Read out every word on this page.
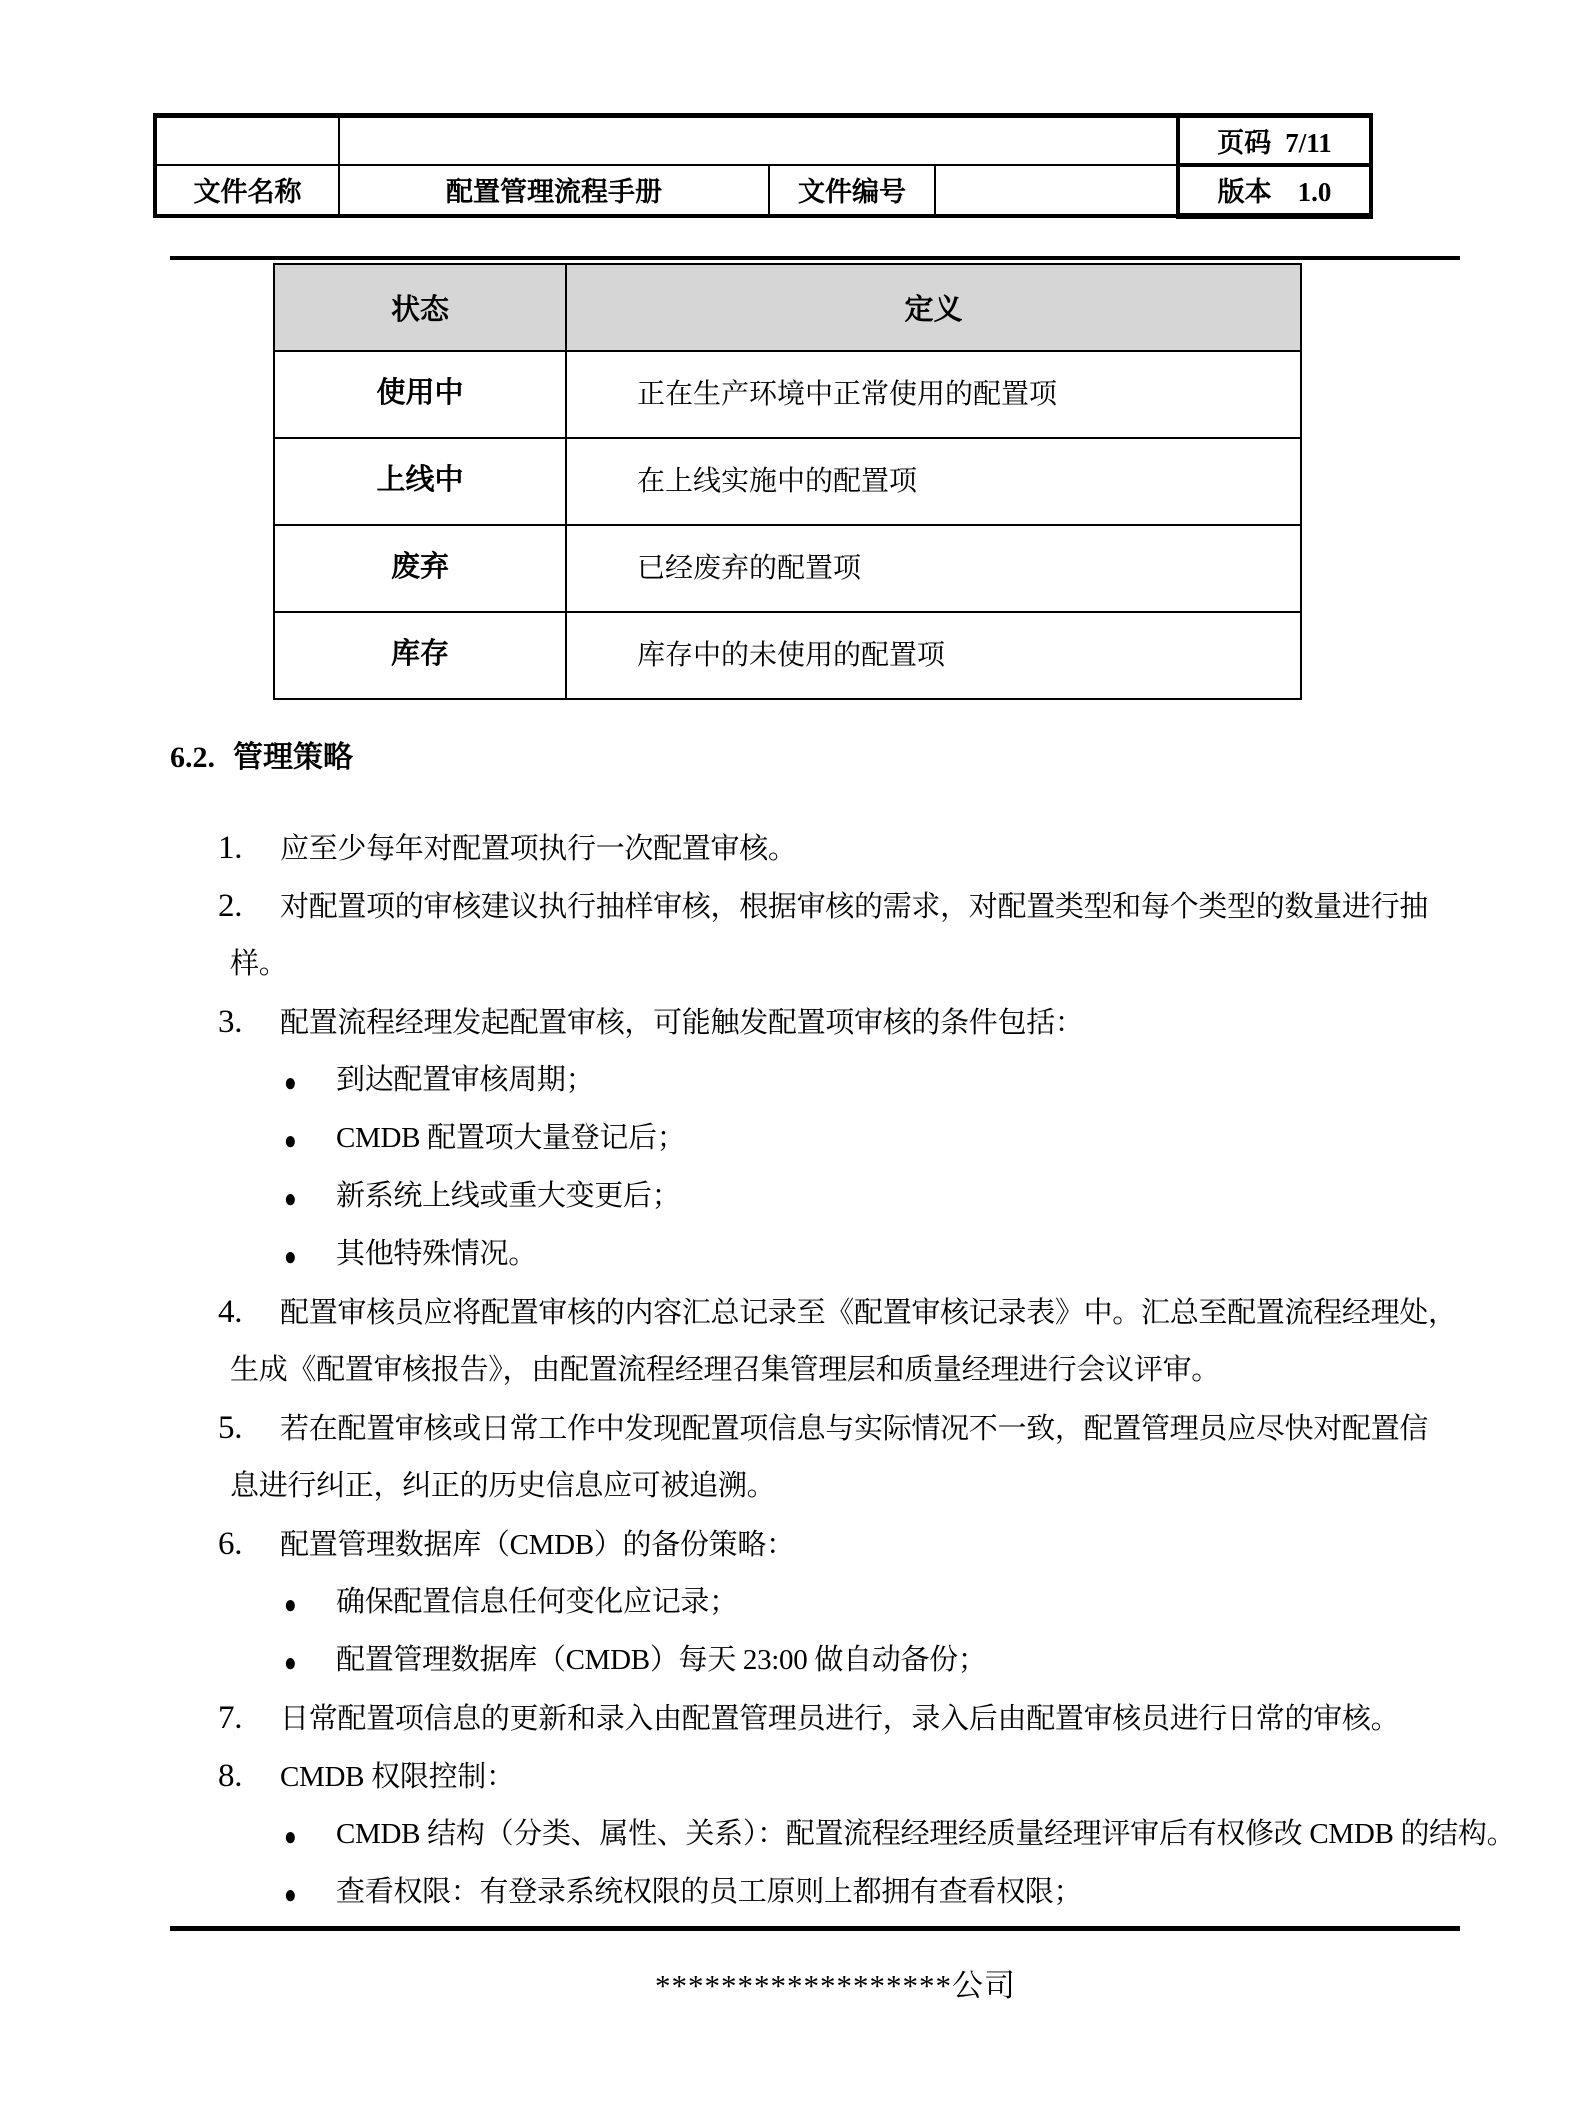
				页码 7/11
文件名称	配置管理流程手册	文件编号		版本 1.0
状态	定义
使用中	正在生产环境中正常使用的配置项
上线中	在上线实施中的配置项
废弃	已经废弃的配置项
库存	库存中的未使用的配置项
6.2. 管理策略
1. 应至少每年对配置项执行一次配置审核。
2. 对配置项的审核建议执行抽样审核，根据审核的需求，对配置类型和每个类型的数量进行抽
样。
3. 配置流程经理发起配置审核，可能触发配置项审核的条件包括：
● 到达配置审核周期；
● CMDB 配置项大量登记后；
● 新系统上线或重大变更后；
● 其他特殊情况。
4. 配置审核员应将配置审核的内容汇总记录至《配置审核记录表》中。汇总至配置流程经理处，
生成《配置审核报告》，由配置流程经理召集管理层和质量经理进行会议评审。
5. 若在配置审核或日常工作中发现配置项信息与实际情况不一致，配置管理员应尽快对配置信
息进行纠正，纠正的历史信息应可被追溯。
6. 配置管理数据库（CMDB）的备份策略：
● 确保配置信息任何变化应记录；
● 配置管理数据库（CMDB）每天 23:00 做自动备份；
7. 日常配置项信息的更新和录入由配置管理员进行，录入后由配置审核员进行日常的审核。
8. CMDB 权限控制：
● CMDB 结构（分类、属性、关系）：配置流程经理经质量经理评审后有权修改 CMDB 的结构。
● 查看权限：有登录系统权限的员工原则上都拥有查看权限；
******************公司
